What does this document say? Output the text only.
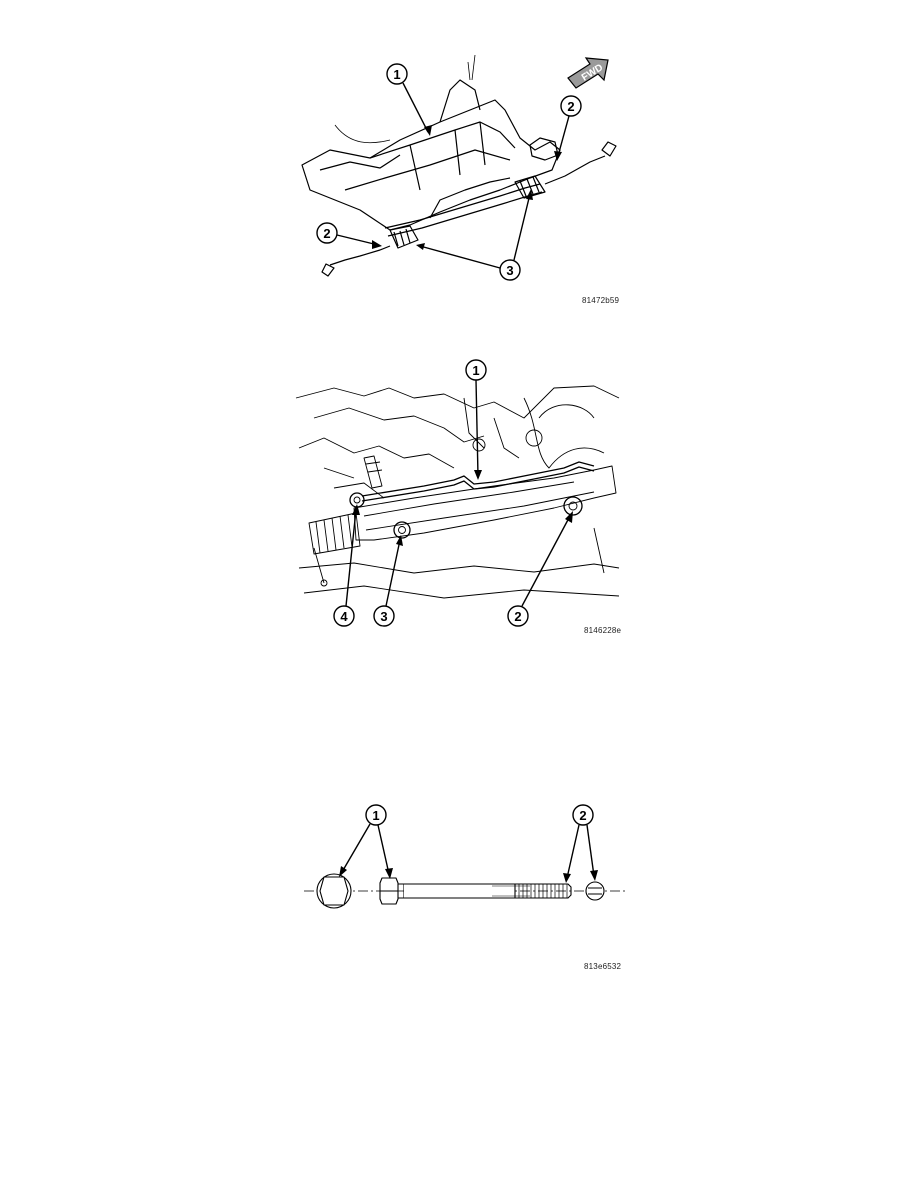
FWD
1
2
2
3
81472b59
1
2
3
4
8146228e
1	2
813e6532
